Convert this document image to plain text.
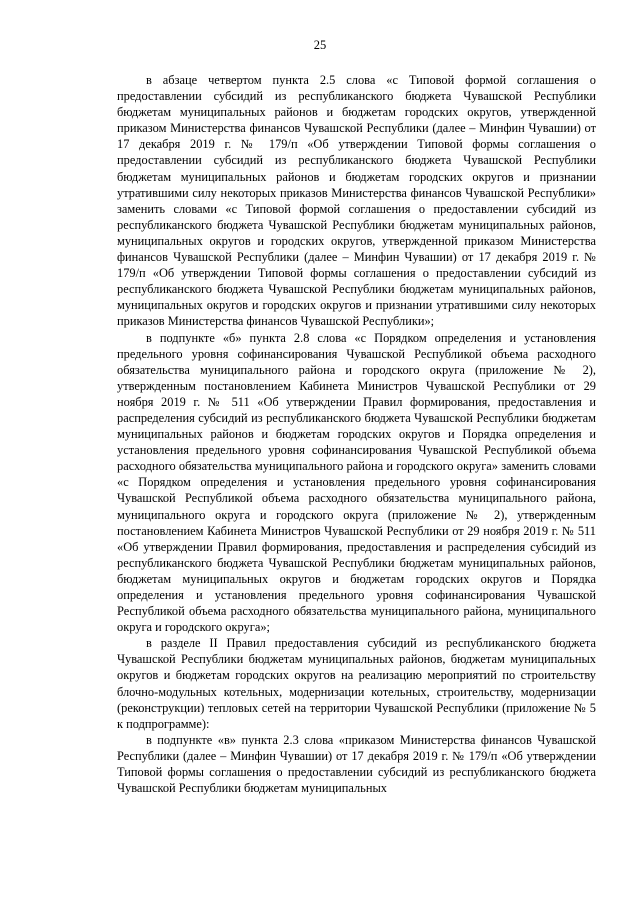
25

в абзаце четвертом пункта 2.5 слова «с Типовой формой соглашения о предоставлении субсидий из республиканского бюджета Чувашской Республики бюджетам муниципальных районов и бюджетам городских округов, утвержденной приказом Министерства финансов Чувашской Республики (далее – Минфин Чувашии) от 17 декабря 2019 г. № 179/п «Об утверждении Типовой формы соглашения о предоставлении субсидий из республиканского бюджета Чувашской Республики бюджетам муниципальных районов и бюджетам городских округов и признании утратившими силу некоторых приказов Министерства финансов Чувашской Республики» заменить словами «с Типовой формой соглашения о предоставлении субсидий из республиканского бюджета Чувашской Республики бюджетам муниципальных районов, муниципальных округов и городских округов, утвержденной приказом Министерства финансов Чувашской Республики (далее – Минфин Чувашии) от 17 декабря 2019 г. № 179/п «Об утверждении Типовой формы соглашения о предоставлении субсидий из республиканского бюджета Чувашской Республики бюджетам муниципальных районов, муниципальных округов и городских округов и признании утратившими силу некоторых приказов Министерства финансов Чувашской Республики»;

в подпункте «б» пункта 2.8 слова «с Порядком определения и установления предельного уровня софинансирования Чувашской Республикой объема расходного обязательства муниципального района и городского округа (приложение № 2), утвержденным постановлением Кабинета Министров Чувашской Республики от 29 ноября 2019 г. № 511 «Об утверждении Правил формирования, предоставления и распределения субсидий из республиканского бюджета Чувашской Республики бюджетам муниципальных районов и бюджетам городских округов и Порядка определения и установления предельного уровня софинансирования Чувашской Республикой объема расходного обязательства муниципального района и городского округа» заменить словами «с Порядком определения и установления предельного уровня софинансирования Чувашской Республикой объема расходного обязательства муниципального района, муниципального округа и городского округа (приложение № 2), утвержденным постановлением Кабинета Министров Чувашской Республики от 29 ноября 2019 г. № 511 «Об утверждении Правил формирования, предоставления и распределения субсидий из республиканского бюджета Чувашской Республики бюджетам муниципальных районов, бюджетам муниципальных округов и бюджетам городских округов и Порядка определения и установления предельного уровня софинансирования Чувашской Республикой объема расходного обязательства муниципального района, муниципального округа и городского округа»;

в разделе II Правил предоставления субсидий из республиканского бюджета Чувашской Республики бюджетам муниципальных районов, бюджетам муниципальных округов и бюджетам городских округов на реализацию мероприятий по строительству блочно-модульных котельных, модернизации котельных, строительству, модернизации (реконструкции) тепловых сетей на территории Чувашской Республики (приложение № 5 к подпрограмме):

в подпункте «в» пункта 2.3 слова «приказом Министерства финансов Чувашской Республики (далее – Минфин Чувашии) от 17 декабря 2019 г. № 179/п «Об утверждении Типовой формы соглашения о предоставлении субсидий из республиканского бюджета Чувашской Республики бюджетам муниципальных
